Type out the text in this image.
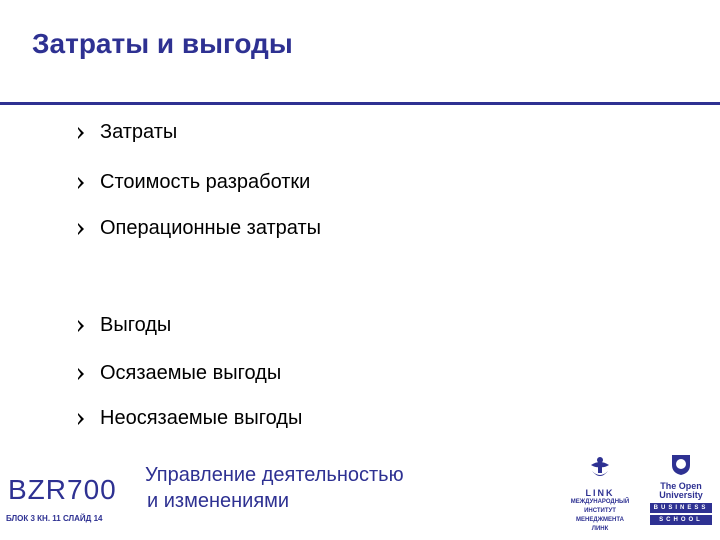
Затраты и выгоды
Затраты
Стоимость разработки
Операционные затраты
Выгоды
Осязаемые выгоды
Неосязаемые выгоды
BZR700 Управление деятельностью
и изменениями
БЛОК 3 КН. 11 СЛАЙД 14
LINK
МЕЖДУНАРОДНЫЙ
ИНСТИТУТ
МЕНЕДЖМЕНТА
ЛИНК
The Open
University
BUSINESS
SCHOOL
